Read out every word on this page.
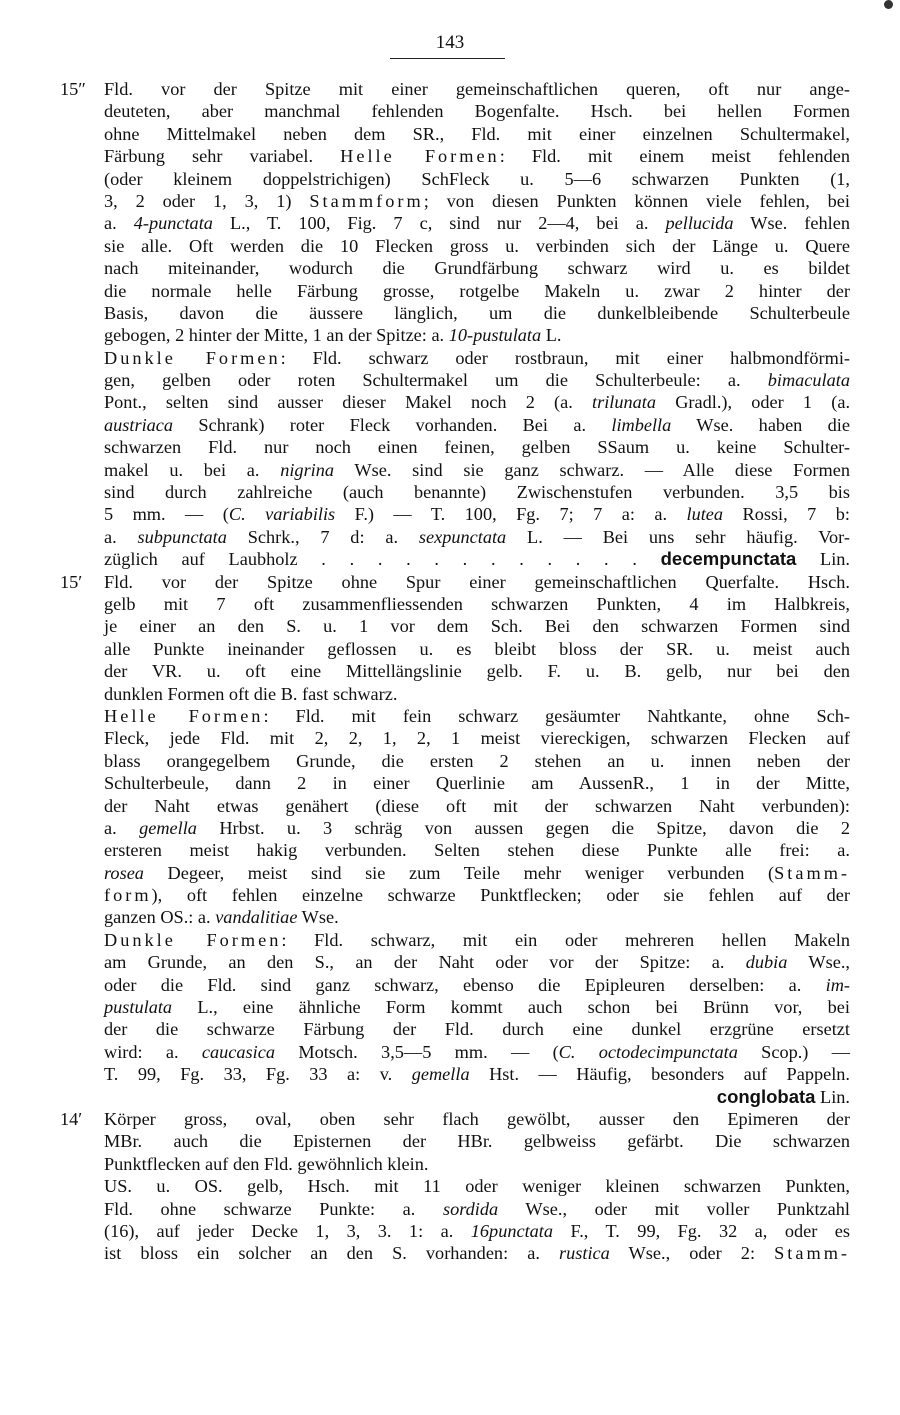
143
15″ Fld. vor der Spitze mit einer gemeinschaftlichen queren, oft nur ange-
deuteten, aber manchmal fehlenden Bogenfalte. Hsch. bei hellen Formen
ohne Mittelmakel neben dem SR., Fld. mit einer einzelnen Schultermakel,
Färbung sehr variabel. Helle Formen: Fld. mit einem meist fehlenden
(oder kleinem doppelstrichigen) SchFleck u. 5—6 schwarzen Punkten (1,
3, 2 oder 1, 3, 1) Stammform; von diesen Punkten können viele fehlen, bei
a. 4-punctata L., T. 100, Fig. 7 c, sind nur 2—4, bei a. pellucida Wse. fehlen
sie alle. Oft werden die 10 Flecken gross u. verbinden sich der Länge u. Quere
nach miteinander, wodurch die Grundfärbung schwarz wird u. es bildet
die normale helle Färbung grosse, rotgelbe Makeln u. zwar 2 hinter der
Basis, davon die äussere länglich, um die dunkelbleibende Schulterbeule
gebogen, 2 hinter der Mitte, 1 an der Spitze: a. 10-pustulata L.
Dunkle Formen: Fld. schwarz oder rostbraun, mit einer halbmondförmi-
gen, gelben oder roten Schultermakel um die Schulterbeule: a. bimaculata
Pont., selten sind ausser dieser Makel noch 2 (a. trilunata Gradl.), oder 1 (a.
austriaca Schrank) roter Fleck vorhanden. Bei a. limbella Wse. haben die
schwarzen Fld. nur noch einen feinen, gelben SSaum u. keine Schulter-
makel u. bei a. nigrina Wse. sind sie ganz schwarz. — Alle diese Formen
sind durch zahlreiche (auch benannte) Zwischenstufen verbunden. 3,5 bis
5 mm. — (C. variabilis F.) — T. 100, Fg. 7; 7 a: a. lutea Rossi, 7 b:
a. subpunctata Schrk., 7 d: a. sexpunctata L. — Bei uns sehr häufig. Vor-
züglich auf Laubholz . . . . . . . . . . . . decempunctata Lin.
15′ Fld. vor der Spitze ohne Spur einer gemeinschaftlichen Querfalte. Hsch.
gelb mit 7 oft zusammenfliessenden schwarzen Punkten, 4 im Halbkreis,
je einer an den S. u. 1 vor dem Sch. Bei den schwarzen Formen sind
alle Punkte ineinander geflossen u. es bleibt bloss der SR. u. meist auch
der VR. u. oft eine Mittellängslinie gelb. F. u. B. gelb, nur bei den
dunklen Formen oft die B. fast schwarz.
Helle Formen: Fld. mit fein schwarz gesäumter Nahtkante, ohne Sch-
Fleck, jede Fld. mit 2, 2, 1, 2, 1 meist viereckigen, schwarzen Flecken auf
blass orangegelbem Grunde, die ersten 2 stehen an u. innen neben der
Schulterbeule, dann 2 in einer Querlinie am AussenR., 1 in der Mitte,
der Naht etwas genähert (diese oft mit der schwarzen Naht verbunden):
a. gemella Hrbst. u. 3 schräg von aussen gegen die Spitze, davon die 2
ersteren meist hakig verbunden. Selten stehen diese Punkte alle frei: a.
rosea Degeer, meist sind sie zum Teile mehr weniger verbunden (Stamm-
form), oft fehlen einzelne schwarze Punktflecken; oder sie fehlen auf der
ganzen OS.: a. vandalitiae Wse.
Dunkle Formen: Fld. schwarz, mit ein oder mehreren hellen Makeln
am Grunde, an den S., an der Naht oder vor der Spitze: a. dubia Wse.,
oder die Fld. sind ganz schwarz, ebenso die Epipleuren derselben: a. im-
pustulata L., eine ähnliche Form kommt auch schon bei Brünn vor, bei
der die schwarze Färbung der Fld. durch eine dunkel erzgrüne ersetzt
wird: a. caucasica Motsch. 3,5—5 mm. — (C. octodecimpunctata Scop.) —
T. 99, Fg. 33, Fg. 33 a: v. gemella Hst. — Häufig, besonders auf Pappeln.
conglobata Lin.
14′ Körper gross, oval, oben sehr flach gewölbt, ausser den Epimeren der
MBr. auch die Episternen der HBr. gelbweiss gefärbt. Die schwarzen
Punktflecken auf den Fld. gewöhnlich klein.
US. u. OS. gelb, Hsch. mit 11 oder weniger kleinen schwarzen Punkten,
Fld. ohne schwarze Punkte: a. sordida Wse., oder mit voller Punktzahl
(16), auf jeder Decke 1, 3, 3. 1: a. 16punctata F., T. 99, Fg. 32 a, oder es
ist bloss ein solcher an den S. vorhanden: a. rustica Wse., oder 2: Stamm-
